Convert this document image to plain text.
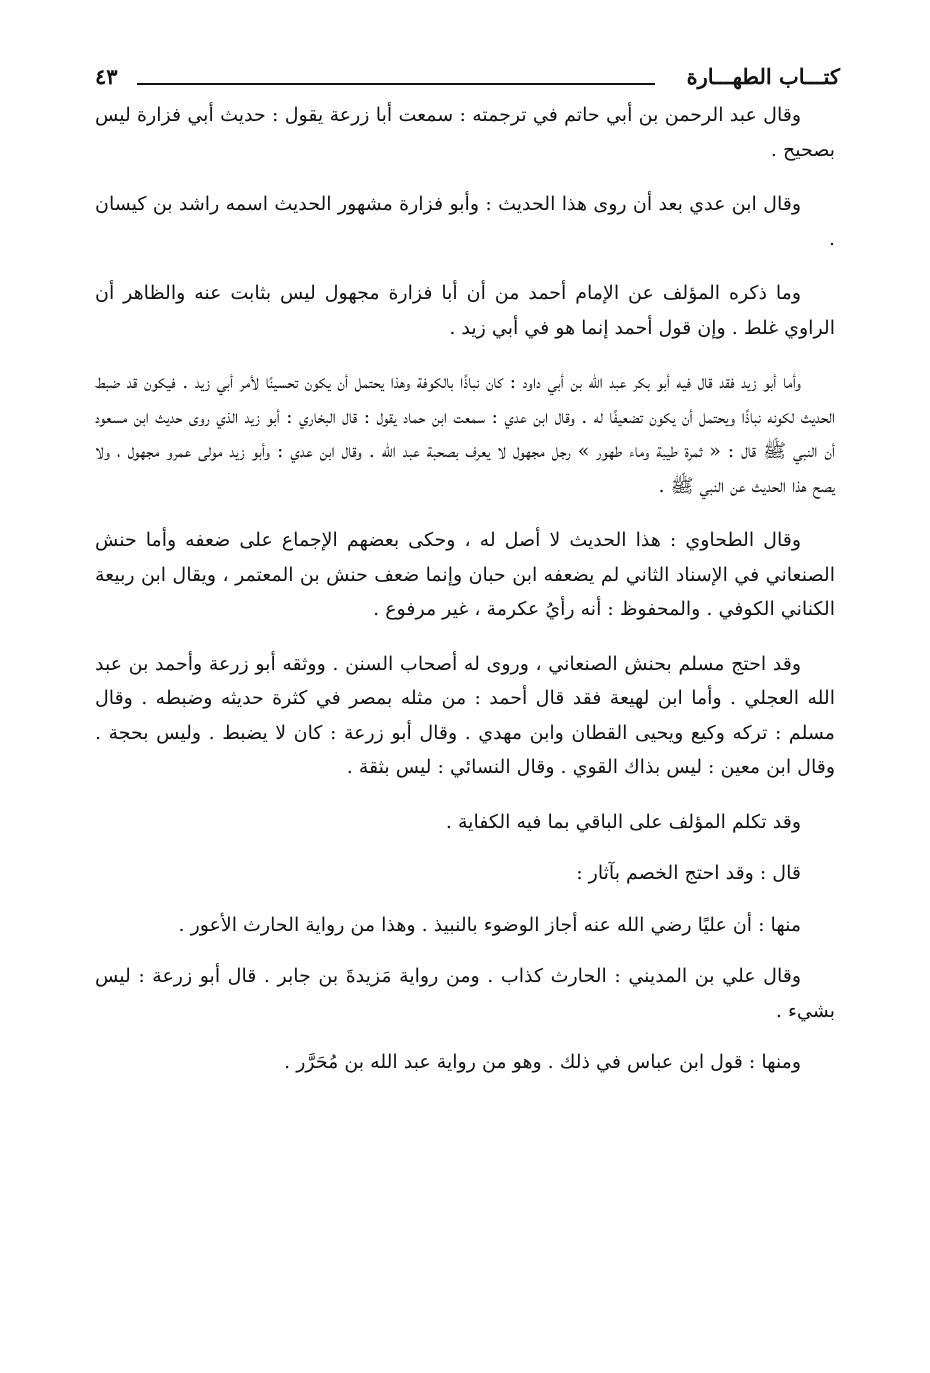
كتـــاب الطهـــارة
٤٣

وقال عبد الرحمن بن أبي حاتم في ترجمته : سمعت أبا زرعة يقول : حديث أبي فزارة ليس بصحيح .

وقال ابن عدي بعد أن روى هذا الحديث : وأبو فزارة مشهور الحديث اسمه راشد بن كيسان .

وما ذكره المؤلف عن الإمام أحمد من أن أبا فزارة مجهول ليس بثابت عنه والظاهر أن الراوي غلط . وإن قول أحمد إنما هو في أبي زيد .

وأما أبو زيد فقد قال فيه أبو بكر عبد الله بن أبي داود : كان نباذًا بالكوفة وهذا يحتمل أن يكون تحسينًا لأمر أبي زيد . فيكون قد ضبط الحديث لكونه نباذًا ويحتمل أن يكون تضعيفًا له . وقال ابن عدي : سمعت ابن حماد يقول : قال البخاري : أبو زيد الذي روى حديث ابن مسعود أن النبي ﷺ قال : « ثمرة طيبة وماء طهور » رجل مجهول لا يعرف بصحبة عبد الله . وقال ابن عدي : وأبو زيد مولى عمرو مجهول ، ولا يصح هذا الحديث عن النبي ﷺ .

وقال الطحاوي : هذا الحديث لا أصل له ، وحكى بعضهم الإجماع على ضعفه وأما حنش الصنعاني في الإسناد الثاني لم يضعفه ابن حبان وإنما ضعف حنش بن المعتمر ، ويقال ابن ربيعة الكناني الكوفي . والمحفوظ : أنه رأيُ عكرمة ، غير مرفوع .

وقد احتج مسلم بحنش الصنعاني ، وروى له أصحاب السنن . ووثقه أبو زرعة وأحمد بن عبد الله العجلي . وأما ابن لهيعة فقد قال أحمد : من مثله بمصر في كثرة حديثه وضبطه . وقال مسلم : تركه وكيع ويحيى القطان وابن مهدي . وقال أبو زرعة : كان لا يضبط . وليس بحجة . وقال ابن معين : ليس بذاك القوي . وقال النسائي : ليس بثقة .

وقد تكلم المؤلف على الباقي بما فيه الكفاية .

قال : وقد احتج الخصم بآثار :

منها : أن عليًا رضي الله عنه أجاز الوضوء بالنبيذ . وهذا من رواية الحارث الأعور .

وقال علي بن المديني : الحارث كذاب . ومن رواية مَزيدةَ بن جابر . قال أبو زرعة : ليس بشيء .

ومنها : قول ابن عباس في ذلك . وهو من رواية عبد الله بن مُحَرَّر .
